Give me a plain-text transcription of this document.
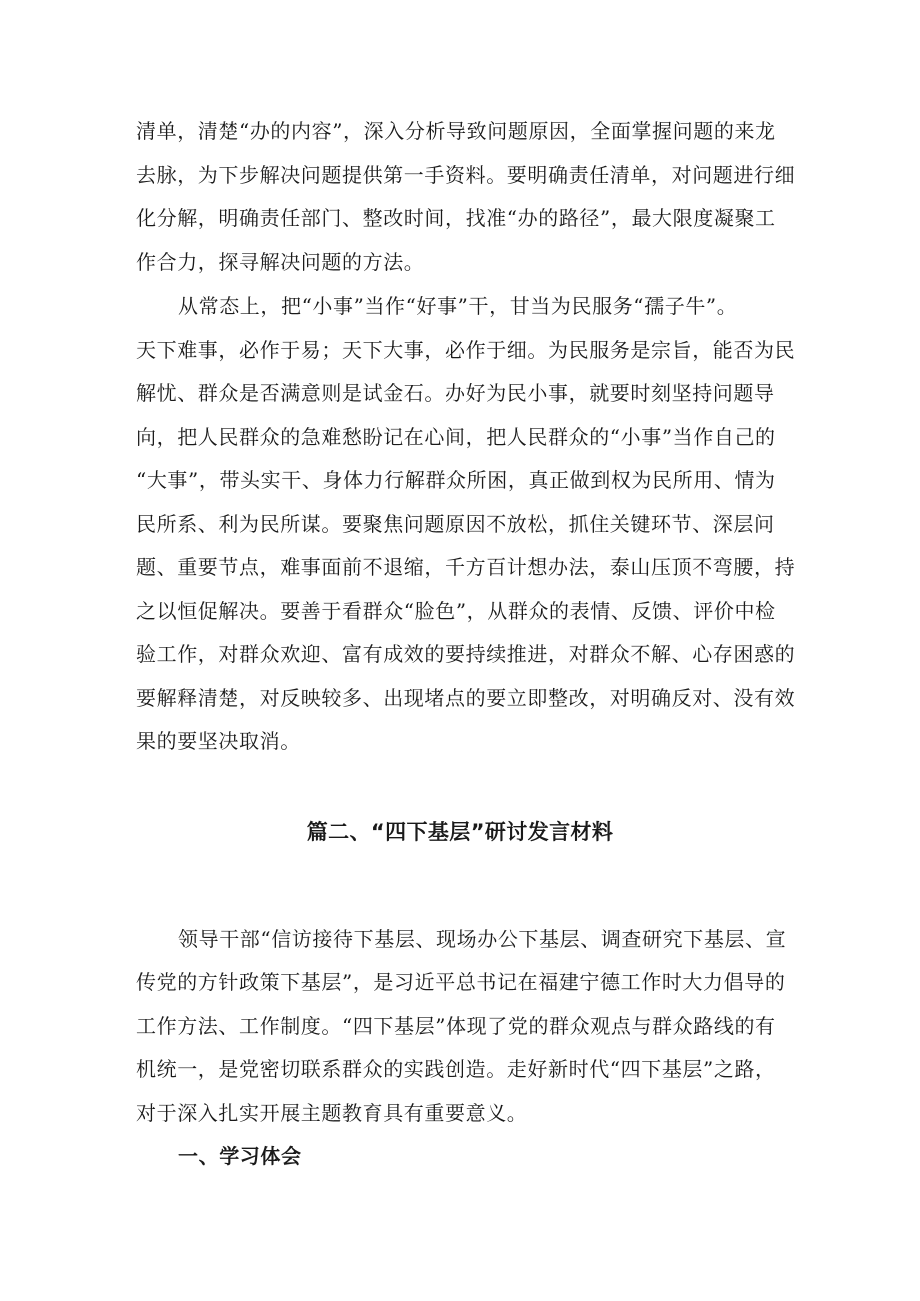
清单，清楚“办的内容”，深入分析导致问题原因，全面掌握问题的来龙
去脉，为下步解决问题提供第一手资料。要明确责任清单，对问题进行细
化分解，明确责任部门、整改时间，找准“办的路径”，最大限度凝聚工
作合力，探寻解决问题的方法。
从常态上，把“小事”当作“好事”干，甘当为民服务“孺子牛”。
天下难事，必作于易；天下大事，必作于细。为民服务是宗旨，能否为民
解忧、群众是否满意则是试金石。办好为民小事，就要时刻坚持问题导
向，把人民群众的急难愁盼记在心间，把人民群众的“小事”当作自己的
“大事”，带头实干、身体力行解群众所困，真正做到权为民所用、情为
民所系、利为民所谋。要聚焦问题原因不放松，抓住关键环节、深层问
题、重要节点，难事面前不退缩，千方百计想办法，泰山压顶不弯腰，持
之以恒促解决。要善于看群众“脸色”，从群众的表情、反馈、评价中检
验工作，对群众欢迎、富有成效的要持续推进，对群众不解、心存困惑的
要解释清楚，对反映较多、出现堵点的要立即整改，对明确反对、没有效
果的要坚决取消。
篇二、“四下基层”研讨发言材料
领导干部“信访接待下基层、现场办公下基层、调查研究下基层、宣
传党的方针政策下基层”，是习近平总书记在福建宁德工作时大力倡导的
工作方法、工作制度。“四下基层”体现了党的群众观点与群众路线的有
机统一，是党密切联系群众的实践创造。走好新时代“四下基层”之路，
对于深入扎实开展主题教育具有重要意义。
一、学习体会
